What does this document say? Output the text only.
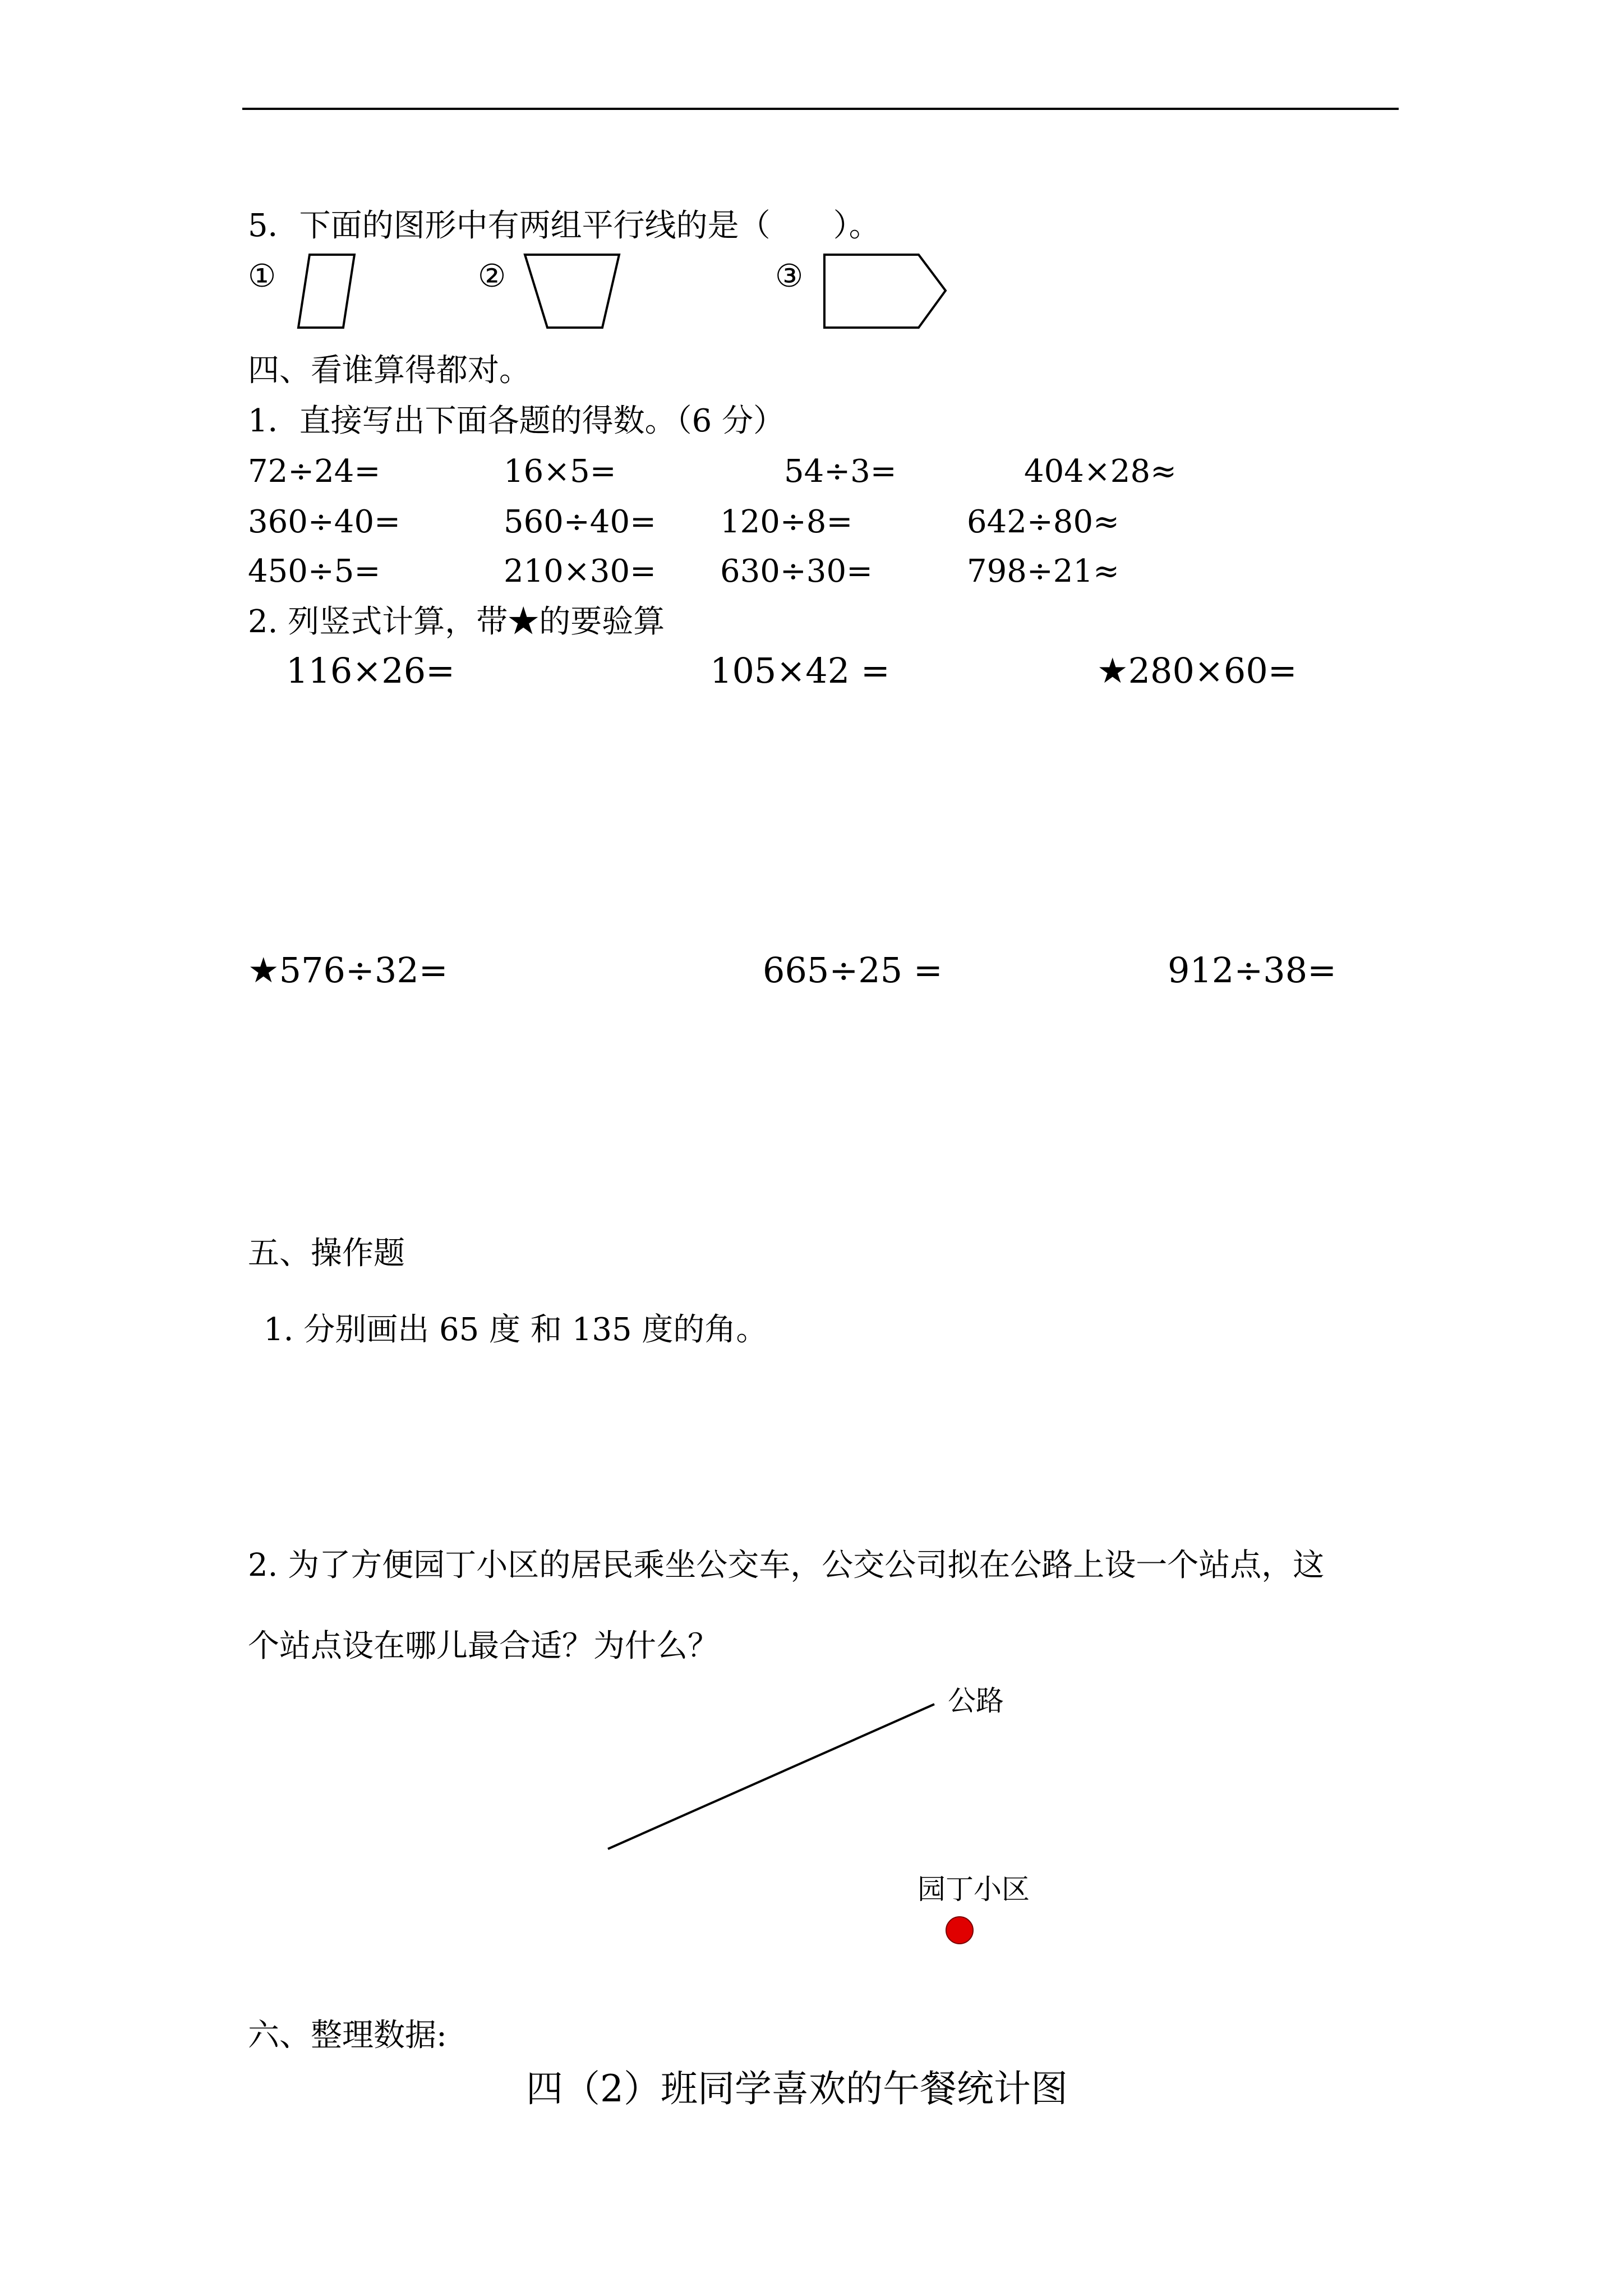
5．下面的图形中有两组平行线的是（　　）。
①	②	③
四、看谁算得都对。
1．直接写出下面各题的得数。（6 分）
72÷24=	16×5=	54÷3=	404×28≈
360÷40=	560÷40= 120÷8=	642÷80≈
450÷5=	210×30= 630÷30=	798÷21≈
2. 列竖式计算，带★的要验算
116×26=	105×42 =	★280×60=
★576÷32=	665÷25 =	912÷38=
五、操作题
1. 分别画出 65 度 和 135 度的角。
2. 为了方便园丁小区的居民乘坐公交车，公交公司拟在公路上设一个站点，这
个站点设在哪儿最合适？为什么？
公路
园丁小区
六、整理数据:
四（2）班同学喜欢的午餐统计图
